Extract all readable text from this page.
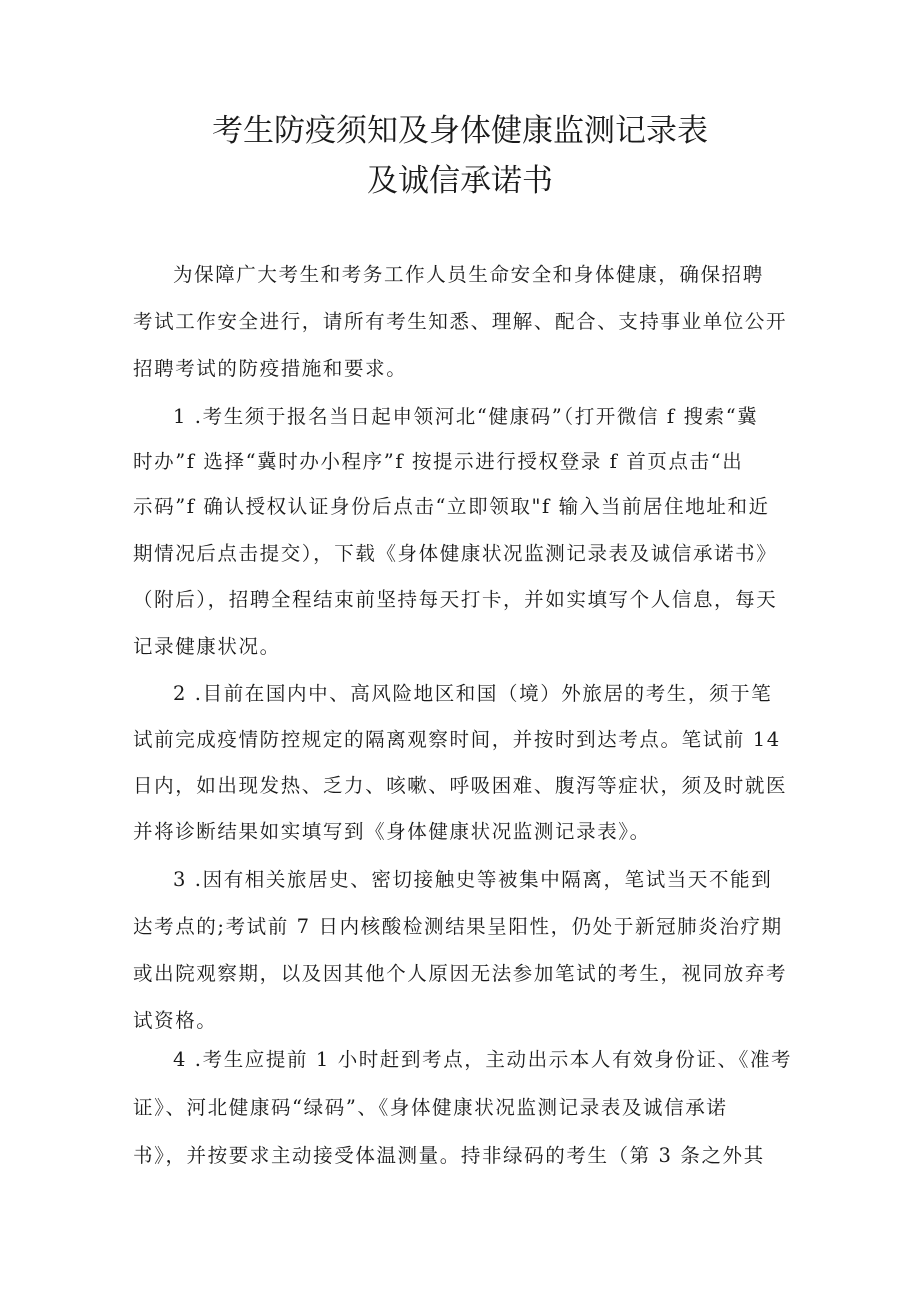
考生防疫须知及身体健康监测记录表
及诚信承诺书
为保障广大考生和考务工作人员生命安全和身体健康，确保招聘
考试工作安全进行，请所有考生知悉、理解、配合、支持事业单位公开
招聘考试的防疫措施和要求。
1 .考生须于报名当日起申领河北“健康码”（打开微信 f 搜索“冀
时办”f 选择“冀时办小程序”f 按提示进行授权登录 f 首页点击“出
示码”f 确认授权认证身份后点击“立即领取"f 输入当前居住地址和近
期情况后点击提交），下载《身体健康状况监测记录表及诚信承诺书》
（附后），招聘全程结束前坚持每天打卡，并如实填写个人信息，每天
记录健康状况。
2 .目前在国内中、高风险地区和国（境）外旅居的考生，须于笔
试前完成疫情防控规定的隔离观察时间，并按时到达考点。笔试前 14
日内，如出现发热、乏力、咳嗽、呼吸困难、腹泻等症状，须及时就医
并将诊断结果如实填写到《身体健康状况监测记录表》。
3 .因有相关旅居史、密切接触史等被集中隔离，笔试当天不能到
达考点的;考试前 7 日内核酸检测结果呈阳性，仍处于新冠肺炎治疗期
或出院观察期，以及因其他个人原因无法参加笔试的考生，视同放弃考
试资格。
4 .考生应提前 1 小时赶到考点，主动出示本人有效身份证、《准考
证》、河北健康码“绿码”、《身体健康状况监测记录表及诚信承诺
书》，并按要求主动接受体温测量。持非绿码的考生（第 3 条之外其
